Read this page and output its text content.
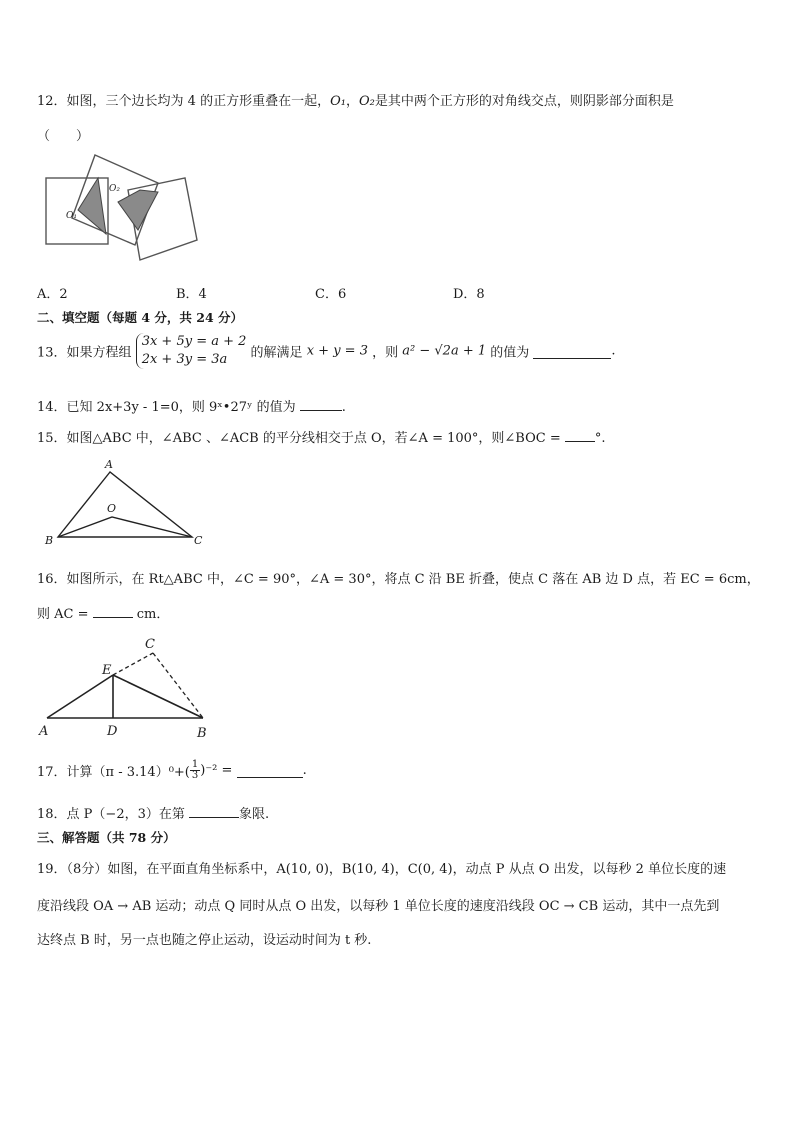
12．如图，三个边长均为 4 的正方形重叠在一起，O₁，O₂是其中两个正方形的对角线交点，则阴影部分面积是
（　　）
O₁
O₂
A．2	B．4	C．6	D．8
二、填空题（每题 4 分，共 24 分）
13．如果方程组
3x + 5y = a + 2
2x + 3y = 3a	的解满足 x + y = 3 ，则 a² − √2a + 1 的值为	.
14．已知 2x+3y - 1=0，则 9ˣ•27ʸ 的值为	.
15．如图△ABC 中，∠ABC 、∠ACB 的平分线相交于点 O，若∠A = 100°，则∠BOC =	°.
A
O
B	C
16．如图所示，在 Rt△ABC 中，∠C = 90°，∠A = 30°，将点 C 沿 BE 折叠，使点 C 落在 AB 边 D 点，若 EC = 6cm，
则 AC =	cm．
C
E
A	D	B
17．计算$(\pi - 3.14)^0+( \frac{1}{3} )^{-2}$ =	.
18．点 P（−2，3）在第	象限.
三、解答题（共 78 分）
19．（8分）如图，在平面直角坐标系中，A(10, 0)，B(10, 4)，C(0, 4)，动点 P 从点 O 出发，以每秒 2 单位长度的速
度沿线段 OA → AB 运动；动点 Q 同时从点 O 出发，以每秒 1 单位长度的速度沿线段 OC → CB 运动，其中一点先到
达终点 B 时，另一点也随之停止运动，设运动时间为 t 秒.
